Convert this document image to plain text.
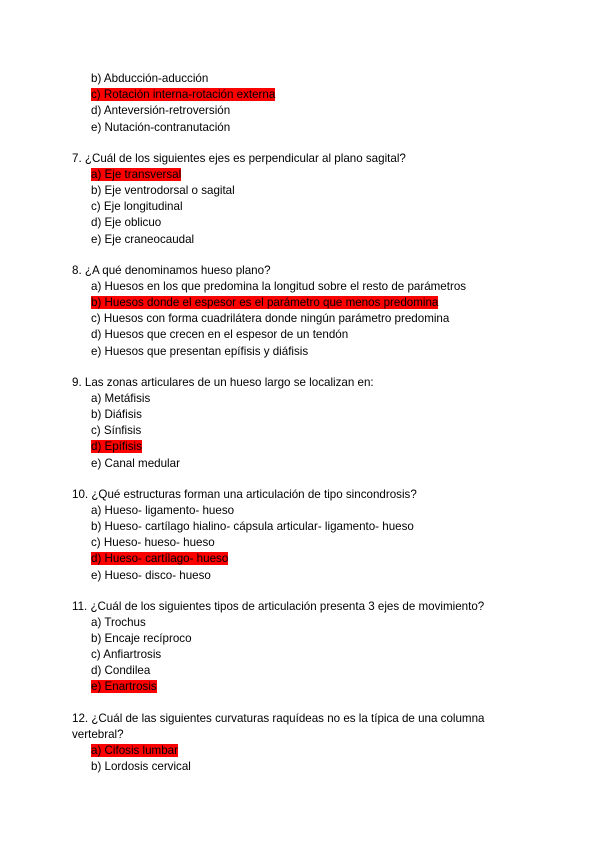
b) Abducción-aducción
c) Rotación interna-rotación externa
d) Anteversión-retroversión
e) Nutación-contranutación
7. ¿Cuál de los siguientes ejes es perpendicular al plano sagital?
a) Eje transversal
b) Eje ventrodorsal o sagital
c) Eje longitudinal
d) Eje oblicuo
e) Eje craneocaudal
8. ¿A qué denominamos hueso plano?
a) Huesos en los que predomina la longitud sobre el resto de parámetros
b) Huesos donde el espesor es el parámetro que menos predomina
c) Huesos con forma cuadrilátera donde ningún parámetro predomina
d) Huesos que crecen en el espesor de un tendón
e) Huesos que presentan epífisis y diáfisis
9. Las zonas articulares de un hueso largo se localizan en:
a) Metáfisis
b) Diáfisis
c) Sínfisis
d) Epífisis
e) Canal medular
10. ¿Qué estructuras forman una articulación de tipo sincondrosis?
a) Hueso- ligamento- hueso
b) Hueso- cartílago hialino- cápsula articular- ligamento- hueso
c) Hueso- hueso- hueso
d) Hueso- cartílago- hueso
e) Hueso- disco- hueso
11. ¿Cuál de los siguientes tipos de articulación presenta 3 ejes de movimiento?
a) Trochus
b) Encaje recíproco
c) Anfiartrosis
d) Condilea
e) Enartrosis
12. ¿Cuál de las siguientes curvaturas raquídeas no es la típica de una columna
vertebral?
a) Cifosis lumbar
b) Lordosis cervical
